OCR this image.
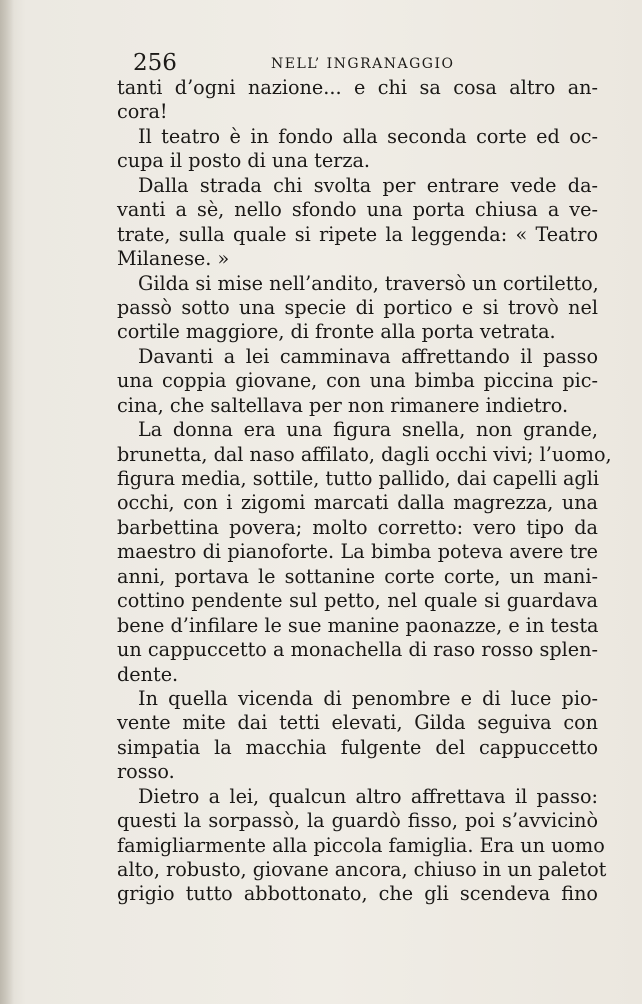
256	NELL’ INGRANAGGIO
tanti d’ogni nazione... e chi sa cosa altro an-
cora!
Il teatro è in fondo alla seconda corte ed oc-
cupa il posto di una terza.
Dalla strada chi svolta per entrare vede da-
vanti a sè, nello sfondo una porta chiusa a ve-
trate, sulla quale si ripete la leggenda: « Teatro
Milanese. »
Gilda si mise nell’andito, traversò un cortiletto,
passò sotto una specie di portico e si trovò nel
cortile maggiore, di fronte alla porta vetrata.
Davanti a lei camminava affrettando il passo
una coppia giovane, con una bimba piccina pic-
cina, che saltellava per non rimanere indietro.
La donna era una figura snella, non grande,
brunetta, dal naso affilato, dagli occhi vivi; l’uomo,
figura media, sottile, tutto pallido, dai capelli agli
occhi, con i zigomi marcati dalla magrezza, una
barbettina povera; molto corretto: vero tipo da
maestro di pianoforte. La bimba poteva avere tre
anni, portava le sottanine corte corte, un mani-
cottino pendente sul petto, nel quale si guardava
bene d’infilare le sue manine paonazze, e in testa
un cappuccetto a monachella di raso rosso splen-
dente.
In quella vicenda di penombre e di luce pio-
vente mite dai tetti elevati, Gilda seguiva con
simpatia la macchia fulgente del cappuccetto
rosso.
Dietro a lei, qualcun altro affrettava il passo:
questi la sorpassò, la guardò fisso, poi s’avvicinò
famigliarmente alla piccola famiglia. Era un uomo
alto, robusto, giovane ancora, chiuso in un paletot
grigio tutto abbottonato, che gli scendeva fino
